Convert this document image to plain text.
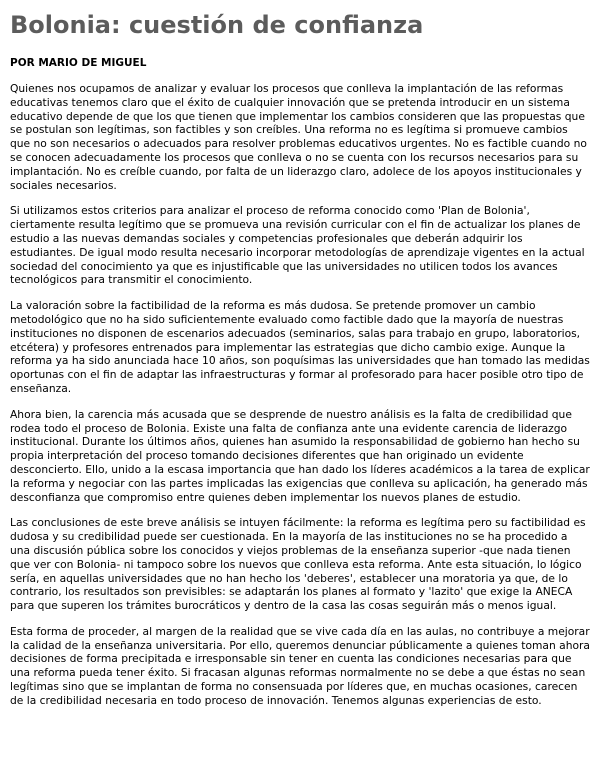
Bolonia: cuestión de confianza
POR MARIO DE MIGUEL

Quienes nos ocupamos de analizar y evaluar los procesos que conlleva la implantación de las reformas educativas tenemos claro que el éxito de cualquier innovación que se pretenda introducir en un sistema educativo depende de que los que tienen que implementar los cambios consideren que las propuestas que se postulan son legítimas, son factibles y son creíbles. Una reforma no es legítima si promueve cambios que no son necesarios o adecuados para resolver problemas educativos urgentes. No es factible cuando no se conocen adecuadamente los procesos que conlleva o no se cuenta con los recursos necesarios para su implantación. No es creíble cuando, por falta de un liderazgo claro, adolece de los apoyos institucionales y sociales necesarios.

Si utilizamos estos criterios para analizar el proceso de reforma conocido como 'Plan de Bolonia', ciertamente resulta legítimo que se promueva una revisión curricular con el fin de actualizar los planes de estudio a las nuevas demandas sociales y competencias profesionales que deberán adquirir los estudiantes. De igual modo resulta necesario incorporar metodologías de aprendizaje vigentes en la actual sociedad del conocimiento ya que es injustificable que las universidades no utilicen todos los avances tecnológicos para transmitir el conocimiento.

La valoración sobre la factibilidad de la reforma es más dudosa. Se pretende promover un cambio metodológico que no ha sido suficientemente evaluado como factible dado que la mayoría de nuestras instituciones no disponen de escenarios adecuados (seminarios, salas para trabajo en grupo, laboratorios, etcétera) y profesores entrenados para implementar las estrategias que dicho cambio exige. Aunque la reforma ya ha sido anunciada hace 10 años, son poquísimas las universidades que han tomado las medidas oportunas con el fin de adaptar las infraestructuras y formar al profesorado para hacer posible otro tipo de enseñanza.

Ahora bien, la carencia más acusada que se desprende de nuestro análisis es la falta de credibilidad que rodea todo el proceso de Bolonia. Existe una falta de confianza ante una evidente carencia de liderazgo institucional. Durante los últimos años, quienes han asumido la responsabilidad de gobierno han hecho su propia interpretación del proceso tomando decisiones diferentes que han originado un evidente desconcierto. Ello, unido a la escasa importancia que han dado los líderes académicos a la tarea de explicar la reforma y negociar con las partes implicadas las exigencias que conlleva su aplicación, ha generado más desconfianza que compromiso entre quienes deben implementar los nuevos planes de estudio.

Las conclusiones de este breve análisis se intuyen fácilmente: la reforma es legítima pero su factibilidad es dudosa y su credibilidad puede ser cuestionada. En la mayoría de las instituciones no se ha procedido a una discusión pública sobre los conocidos y viejos problemas de la enseñanza superior -que nada tienen que ver con Bolonia- ni tampoco sobre los nuevos que conlleva esta reforma. Ante esta situación, lo lógico sería, en aquellas universidades que no han hecho los 'deberes', establecer una moratoria ya que, de lo contrario, los resultados son previsibles: se adaptarán los planes al formato y 'lazito' que exige la ANECA para que superen los trámites burocráticos y dentro de la casa las cosas seguirán más o menos igual.

Esta forma de proceder, al margen de la realidad que se vive cada día en las aulas, no contribuye a mejorar la calidad de la enseñanza universitaria. Por ello, queremos denunciar públicamente a quienes toman ahora decisiones de forma precipitada e irresponsable sin tener en cuenta las condiciones necesarias para que una reforma pueda tener éxito. Si fracasan algunas reformas normalmente no se debe a que éstas no sean legítimas sino que se implantan de forma no consensuada por líderes que, en muchas ocasiones, carecen de la credibilidad necesaria en todo proceso de innovación. Tenemos algunas experiencias de esto.
